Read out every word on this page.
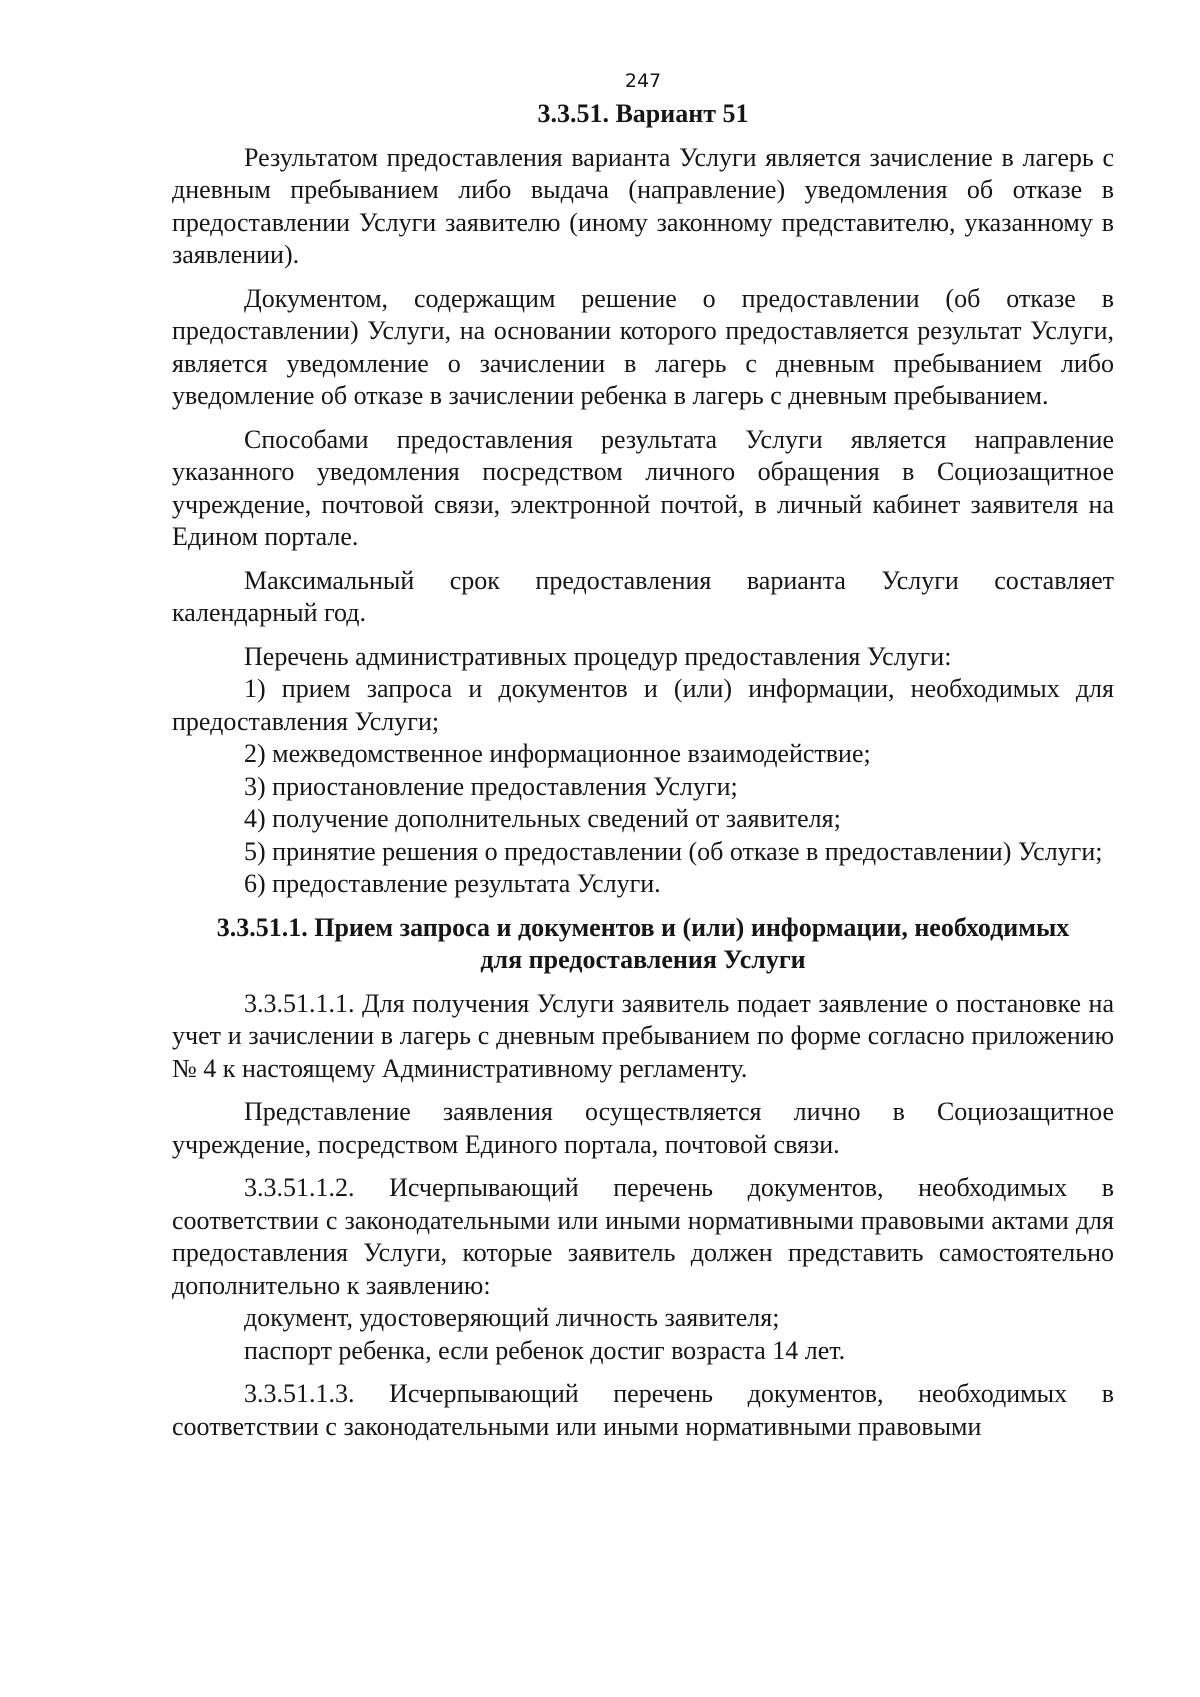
247
3.3.51. Вариант 51
Результатом предоставления варианта Услуги является зачисление в лагерь с дневным пребыванием либо выдача (направление) уведомления об отказе в предоставлении Услуги заявителю (иному законному представителю, указанному в заявлении).
Документом, содержащим решение о предоставлении (об отказе в предоставлении) Услуги, на основании которого предоставляется результат Услуги, является уведомление о зачислении в лагерь с дневным пребыванием либо уведомление об отказе в зачислении ребенка в лагерь с дневным пребыванием.
Способами предоставления результата Услуги является направление указанного уведомления посредством личного обращения в Социозащитное учреждение, почтовой связи, электронной почтой, в личный кабинет заявителя на Едином портале.
Максимальный срок предоставления варианта Услуги составляет календарный год.
Перечень административных процедур предоставления Услуги:
1) прием запроса и документов и (или) информации, необходимых для предоставления Услуги;
2) межведомственное информационное взаимодействие;
3) приостановление предоставления Услуги;
4) получение дополнительных сведений от заявителя;
5) принятие решения о предоставлении (об отказе в предоставлении) Услуги;
6) предоставление результата Услуги.
3.3.51.1. Прием запроса и документов и (или) информации, необходимых
для предоставления Услуги
3.3.51.1.1. Для получения Услуги заявитель подает заявление о постановке на учет и зачислении в лагерь с дневным пребыванием по форме согласно приложению № 4 к настоящему Административному регламенту.
Представление заявления осуществляется лично в Социозащитное учреждение, посредством Единого портала, почтовой связи.
3.3.51.1.2. Исчерпывающий перечень документов, необходимых в соответствии с законодательными или иными нормативными правовыми актами для предоставления Услуги, которые заявитель должен представить самостоятельно дополнительно к заявлению:
документ, удостоверяющий личность заявителя;
паспорт ребенка, если ребенок достиг возраста 14 лет.
3.3.51.1.3. Исчерпывающий перечень документов, необходимых в соответствии с законодательными или иными нормативными правовыми
